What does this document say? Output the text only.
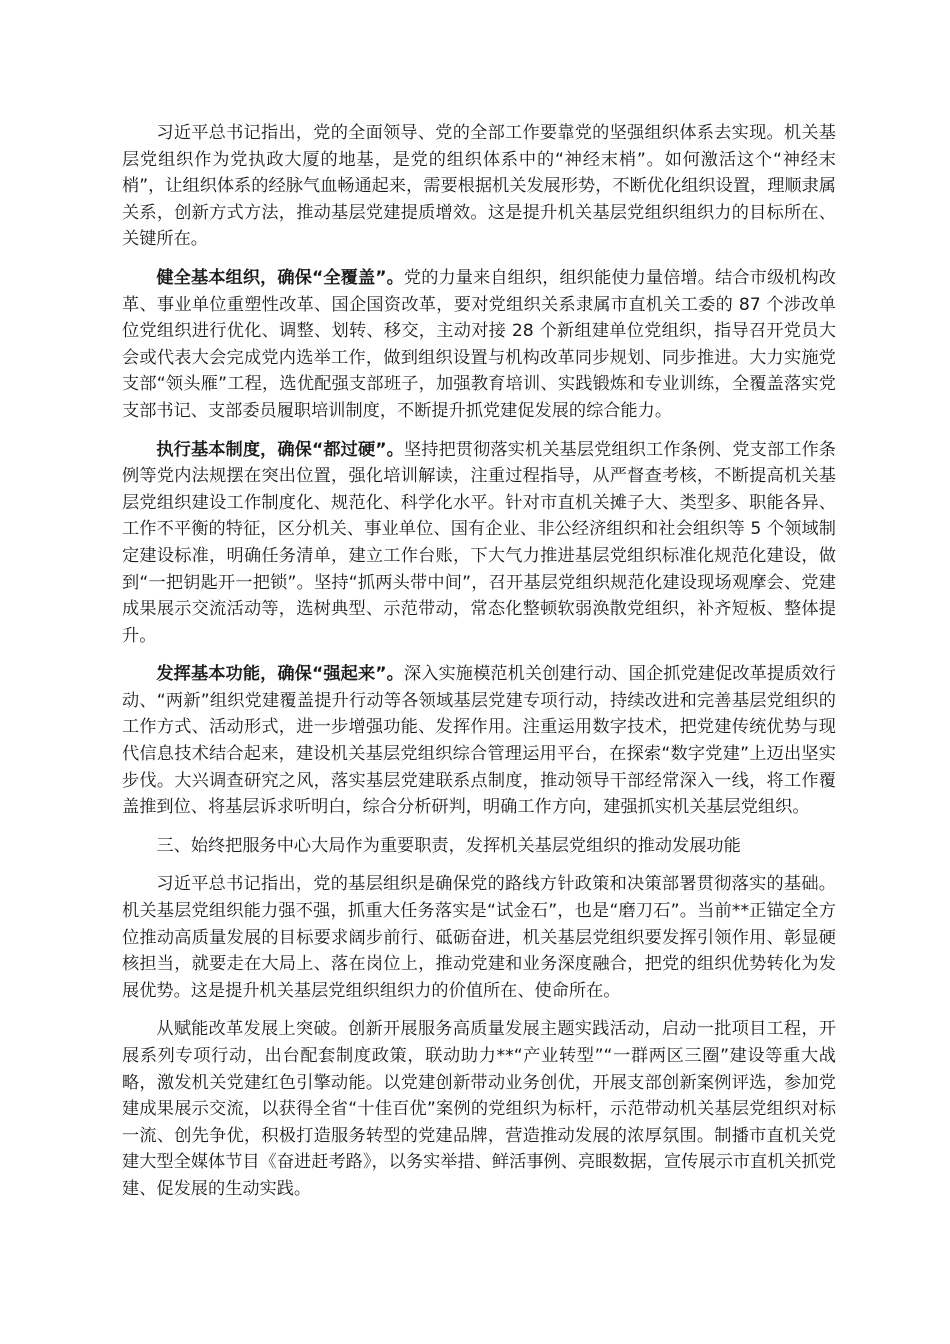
习近平总书记指出，党的全面领导、党的全部工作要靠党的坚强组织体系去实现。机关基层党组织作为党执政大厦的地基，是党的组织体系中的“神经末梢”。如何激活这个“神经末梢”，让组织体系的经脉气血畅通起来，需要根据机关发展形势，不断优化组织设置，理顺隶属关系，创新方式方法，推动基层党建提质增效。这是提升机关基层党组织组织力的目标所在、关键所在。

健全基本组织，确保“全覆盖”。党的力量来自组织，组织能使力量倍增。结合市级机构改革、事业单位重塑性改革、国企国资改革，要对党组织关系隶属市直机关工委的 87 个涉改单位党组织进行优化、调整、划转、移交，主动对接 28 个新组建单位党组织，指导召开党员大会或代表大会完成党内选举工作，做到组织设置与机构改革同步规划、同步推进。大力实施党支部“领头雁”工程，选优配强支部班子，加强教育培训、实践锻炼和专业训练，全覆盖落实党支部书记、支部委员履职培训制度，不断提升抓党建促发展的综合能力。

执行基本制度，确保“都过硬”。坚持把贯彻落实机关基层党组织工作条例、党支部工作条例等党内法规摆在突出位置，强化培训解读，注重过程指导，从严督查考核，不断提高机关基层党组织建设工作制度化、规范化、科学化水平。针对市直机关摊子大、类型多、职能各异、工作不平衡的特征，区分机关、事业单位、国有企业、非公经济组织和社会组织等 5 个领域制定建设标准，明确任务清单，建立工作台账，下大气力推进基层党组织标准化规范化建设，做到“一把钥匙开一把锁”。坚持“抓两头带中间”，召开基层党组织规范化建设现场观摩会、党建成果展示交流活动等，选树典型、示范带动，常态化整顿软弱涣散党组织，补齐短板、整体提升。

发挥基本功能，确保“强起来”。深入实施模范机关创建行动、国企抓党建促改革提质效行动、“两新”组织党建覆盖提升行动等各领域基层党建专项行动，持续改进和完善基层党组织的工作方式、活动形式，进一步增强功能、发挥作用。注重运用数字技术，把党建传统优势与现代信息技术结合起来，建设机关基层党组织综合管理运用平台，在探索“数字党建”上迈出坚实步伐。大兴调查研究之风，落实基层党建联系点制度，推动领导干部经常深入一线，将工作覆盖推到位、将基层诉求听明白，综合分析研判，明确工作方向，建强抓实机关基层党组织。

三、始终把服务中心大局作为重要职责，发挥机关基层党组织的推动发展功能

习近平总书记指出，党的基层组织是确保党的路线方针政策和决策部署贯彻落实的基础。机关基层党组织能力强不强，抓重大任务落实是“试金石”，也是“磨刀石”。当前**正锚定全方位推动高质量发展的目标要求阔步前行、砥砺奋进，机关基层党组织要发挥引领作用、彰显硬核担当，就要走在大局上、落在岗位上，推动党建和业务深度融合，把党的组织优势转化为发展优势。这是提升机关基层党组织组织力的价值所在、使命所在。

从赋能改革发展上突破。创新开展服务高质量发展主题实践活动，启动一批项目工程，开展系列专项行动，出台配套制度政策，联动助力**“产业转型”“一群两区三圈”建设等重大战略，激发机关党建红色引擎动能。以党建创新带动业务创优，开展支部创新案例评选，参加党建成果展示交流，以获得全省“十佳百优”案例的党组织为标杆，示范带动机关基层党组织对标一流、创先争优，积极打造服务转型的党建品牌，营造推动发展的浓厚氛围。制播市直机关党建大型全媒体节目《奋进赶考路》，以务实举措、鲜活事例、亮眼数据，宣传展示市直机关抓党建、促发展的生动实践。
